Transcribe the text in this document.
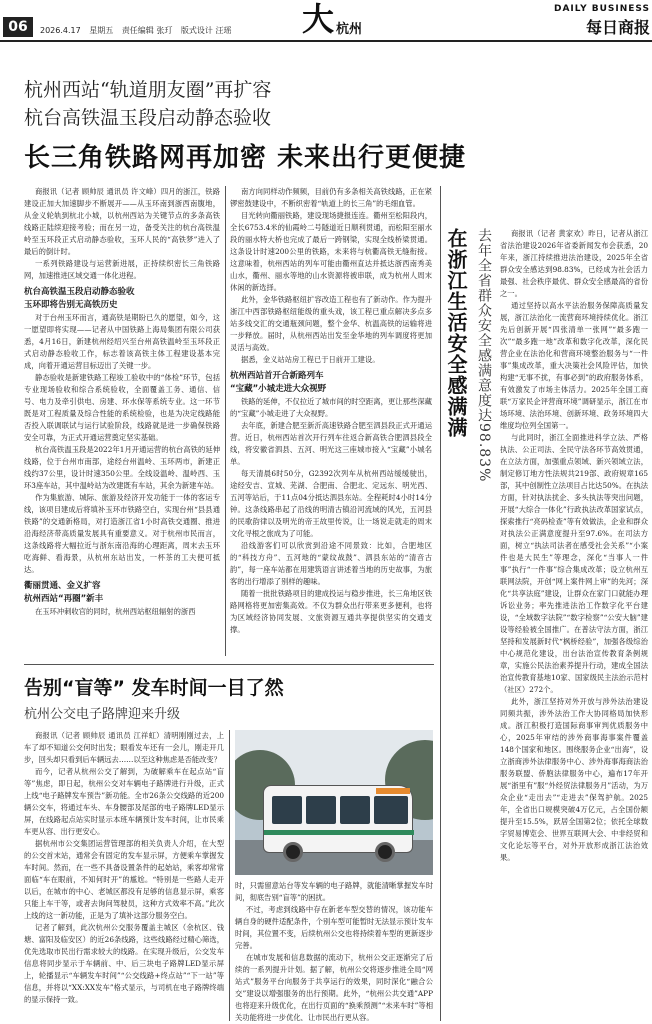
06	2026.4.17 星期五 责任编辑 张玎 版式设计 汪瑶 大 杭州
DAILY BUSINESS
每日商报
杭州西站“轨道朋友圈”再扩容
杭台高铁温玉段启动静态验收
长三角铁路网再加密 未来出行更便捷

商报讯（记者 顾帅辰 通讯员 许文峰）四月的浙江，铁路建设正加大加速脚步不断展开——从玉环南到浙西南腹地，从金义轮轨到杭北小城，以杭州西站为关键节点的多条高铁线路正陆续迎接考验；而在另一边，备受关注的杭台高铁温岭至玉环段正式启动静态验收，玉环人民的“高铁梦”进入了最后的倒计时。

一系列铁路建设与运营新进展，正持续织密长三角铁路网，加速推进区域交通一体化进程。

杭台高铁温玉段启动静态验收
玉环即将告别无高铁历史

对于台州玉环而言，通高铁是期盼已久的愿望，如今，这一愿望即将实现——记者从中国铁路上海局集团有限公司获悉，4月16日，新建杭州经绍兴至台州高铁温岭至玉环段正式启动静态验收工作，标志着该高铁主体工程建设基本完成，向着开通运营目标迈出了关键一步。

静态验收是新建铁路工程竣工验收中的“体检”环节，包括专业现场验收和综合系统验收，全面覆盖工务、通信、信号、电力及牵引供电、房建、环水保等系统专业。这一环节既是对工程质量及综合性能的系统检验，也是为决定线路能否投入联调联试与运行试验阶段，线路就是进一步确保铁路安全可靠，为正式开通运营奠定坚实基础。

杭台高铁温玉段是2022年1月开通运营的杭台高铁的延伸线路，位于台州市南部，途经台州温岭、玉环两市，新建正线约37公里，设计时速350公里。全线设温岭、温岭西、玉环3座车站，其中温岭站为改建既有车站，其余为新建车站。

作为集旅游、城际、旅游及经济开发功能于一体的客运专线，该项目建成后将填补玉环市铁路空白，实现台州“县县通铁路”的交通新格局，对打造浙江省1小时高铁交通圈、推进沿海经济带高质量发展具有重要意义。对于杭州市民而言，这条线路将大幅拉近与浙东南沿海的心理距离，周末去玉环吃海鲜、看海景，从杭州东站出发，一杯茶的工夫便可抵达。

衢丽贯通、金义扩容
杭州西站“再圈”新丰

在玉环冲刺收官的同时，杭州西站枢纽辐射的浙西

南方向同样动作频频，目前仍有多条相关高铁线路，正在紧锣密鼓建设中，不断织密着“轨道上的长三角”的毛细血管。

目光转向衢丽铁路，建设现场捷报连连。衢州至松阳段内，全长6753.4米的仙霞岭二号隧道近日顺利贯通，而松阳至丽水段的丽水特大桥也完成了最后一跨钢梁，实现全线桥梁贯通。这条设计时速200公里的铁路，未来将与杭衢高铁无缝衔接。这意味着，杭州西站的列车可能由衢州直达并抵达浙西南秀美山水，衢州、丽水等地的山水资源将被串联，成为杭州人周末休闲的新选择。

此外，金华铁路枢纽扩容改造工程也有了新动作。作为提升浙江中西部铁路枢纽能级的重头戏，该工程已重点解决多点多站多线交汇的交通瓶颈问题，整个金华、杭温高铁的运输将进一步释放。届时，从杭州西站出发至金华地的列车调度将更加灵活与高效。

据悉，金义站站房工程已于日前开工建设。

杭州西站首开合新路列车
“宝藏”小城走进大众视野

铁路的延伸，不仅拉近了城市间的时空距离，更让那些深藏的“宝藏”小城走进了大众视野。

去年底，新建合肥至新沂高速铁路合肥至泗县段正式开通运营。近日，杭州西站首次开行列车往返合新高铁合肥泗县段全线，将安徽省泗县、五河、明光这三座城市接入“宝藏”小城名单。

每天清晨6时50分，G2392次列车从杭州西站缓缓驶出，途经安吉、宣城、芜湖、合肥南、合肥北、定远东、明光西、五河等站后，于11点04分抵达泗县东站。全程耗时4小时14分钟。这条线路串起了沿线的明清古镇沿河流域的风光，五河县的民歌韵律以及明光的帝王故里传说，让一场说走就走的周末文化寻根之旅成为了可能。

沿线游客们可以欣赏到沿途不同景致：比如，合肥地区的“科技方舟”、五河地的“蒙纹战鼓”、泗县东站的“清音古韵”，每一座车站都在用建筑语言讲述着当地的历史故事，为旅客的出行增添了别样的趣味。

随着一批批铁路项目的建成投运与稳步推进，长三角地区铁路网格将更加密集高效。不仅为群众出行带来更多便利，也将为区域经济协同发展、文旅资源互通共享提供坚实的交通支撑。

在浙江生活安全感满满 去年全省群众安全感满意度达98.83%	商报讯（记者 黄家欢）昨日，记者从浙江省法治建设2026年省委新闻发布会获悉，20年来，浙江持续推进法治建设，2025年全省群众安全感达到98.83%，已经成为社会活力最强、社会秩序最优、群众安全感最高的省份之一。

通过坚持以高水平法治服务保障高质量发展，浙江法治化一流营商环境持续优化。浙江先后创新开展“四张清单一张网”“最多跑一次”“最多跑一地”改革和数字化改革，深化民营企业在法治化和营商环境整治服务与“一件事”集成改革，重大决策社会风险评估，加快构建“无事不扰，有事必到”的政府服务体系，有效激发了市场主体活力。2025年全国工商联“万家民企评营商环境”调研显示，浙江在市场环境、法治环境、创新环境、政务环境四大维度均位列全国第一。

与此同时，浙江全面推进科学立法、严格执法、公正司法、全民守法各环节高效贯通，在立法方面，加强重点领域、新兴领域立法，制定修订地方性法规共219部、政府规章165部，其中创制性立法项目占比达50%。在执法方面，针对执法扰企、多头执法等突出问题，开展“大综合一体化”行政执法改革国家试点，探索推行“亮码检查”等有效做法，企业和群众对执法公正满意度提升至97.6%。在司法方面，树立“执法司法者在感受社会关系”“小案件也是大民生”等理念，深化“当事人一件事”执行“一件事”综合集成改革；设立杭州互联网法院，开创“网上案件网上审”的先河；深化“共享法庭”建设，让群众在家门口就能办理诉讼业务；率先推进法治工作数字化平台建设，“全域数字法院”“数字检察”“公安大脑”建设等经验被全国推广。在普法守法方面，浙江坚持和发展新时代“枫桥经验”，加强各级综治中心规范化建设，出台法治宣传教育条例规章，实施公民法治素养提升行动，建成全国法治宣传教育基地10家、国家级民主法治示范村（社区）272个。

此外，浙江坚持对外开放与涉外法治建设同频共振，涉外法治工作大协同格局加快形成。浙江积极打造国际商事审判优质服务中心，2025年审结的涉外商事海事案件覆盖148个国家和地区。围绕服务企业“出海”，设立浙商涉外法律服务中心、涉外海事海商法治服务联盟、侨胞法律服务中心，遍布17年开展“浙里有”服“外经贸法律服务月”活动，为万众企业“走出去”“走进去”保驾护航。2025年，全省出口规模突破4万亿元，占全国份额提升至15.5%，跃居全国第2位；依托全球数字贸易博览会、世界互联网大会、中非经贸和文化论坛等平台，对外开放形成浙江法治效果。

告别“盲等” 发车时间一目了然
杭州公交电子路牌迎来升级

商报讯（记者 顾帅辰 通讯员 江祥虹）清明刚刚过去，上车了却不知道公交何时出发；眼看发车还有一会儿，刚走开几步，回头却只看到后车辆远去……以至这种焦虑是否能改变？

而今，记者从杭州公交了解到，为破解乘车在起点站“盲等”焦虑，即日起，杭州公交对车辆电子路牌进行升级，正式上线“电子路牌发车预告”新功能。全市26条公交线路的近200辆公交车，将通过车头、车身腰部及尾部的电子路牌LED显示屏，在线路起点站实时显示本班车辆预计发车时间，让市民乘车更从容、出行更安心。

据杭州市公交集团运营管理部的相关负责人介绍，在大型的公交首末站，通常会有固定的发车显示屏，方便乘车掌握发车时间。然而，在一些不具备设置条件的起始站，乘客却常常面临“车在眼前，不知何时开”的尴尬。“特别是一些路人走开以后，在城市的中心、老城区都没有足够的信息显示屏，乘客只能上车干等，或者去询问驾驶员，这种方式效率不高。”此次上线的这一新功能，正是为了填补这部分服务空白。

记者了解到，此次杭州公交服务覆盖主城区（余杭区、钱塘、富阳及临安区）的近26条线路，这些线路经过精心筛选，优先选取市民出行需求较大的线路。在实现升级后，公交发车信息将同步显示于车辆前、中、后三块电子路牌LED显示屏上，轮播显示“车辆发车时间”“公交线路+终点站”“下一站”等信息，并将以“XX:XX发车”格式显示，与司机在电子路牌终端的显示保持一致。

时，只需留意站台等发车辆的电子路牌，就能清晰掌握发车时间，彻底告别“盲等”的困扰。

不过，考虑到线路中存在新老车型交替的情况，该功能车辆自身的硬件适配条件，个别车型可能暂时无法显示预计发车时间，其位置不变，后续杭州公交也将持续着车型的更新逐步完善。

在城市发展和信息数据的流动下，杭州公交正逐渐完了后续的一系列提升计划。据了解，杭州公交将逐步推进全局“网站式”服务平台向服务于共享运行的效果，同时深化“融合公交”建设以增强服务的出行预期。此外，“杭州公共交通”APP也将迎来升级优化，在出行页面的“换乘预测”“未来车时”等相关功能将进一步优化，让市民出行更从容。
